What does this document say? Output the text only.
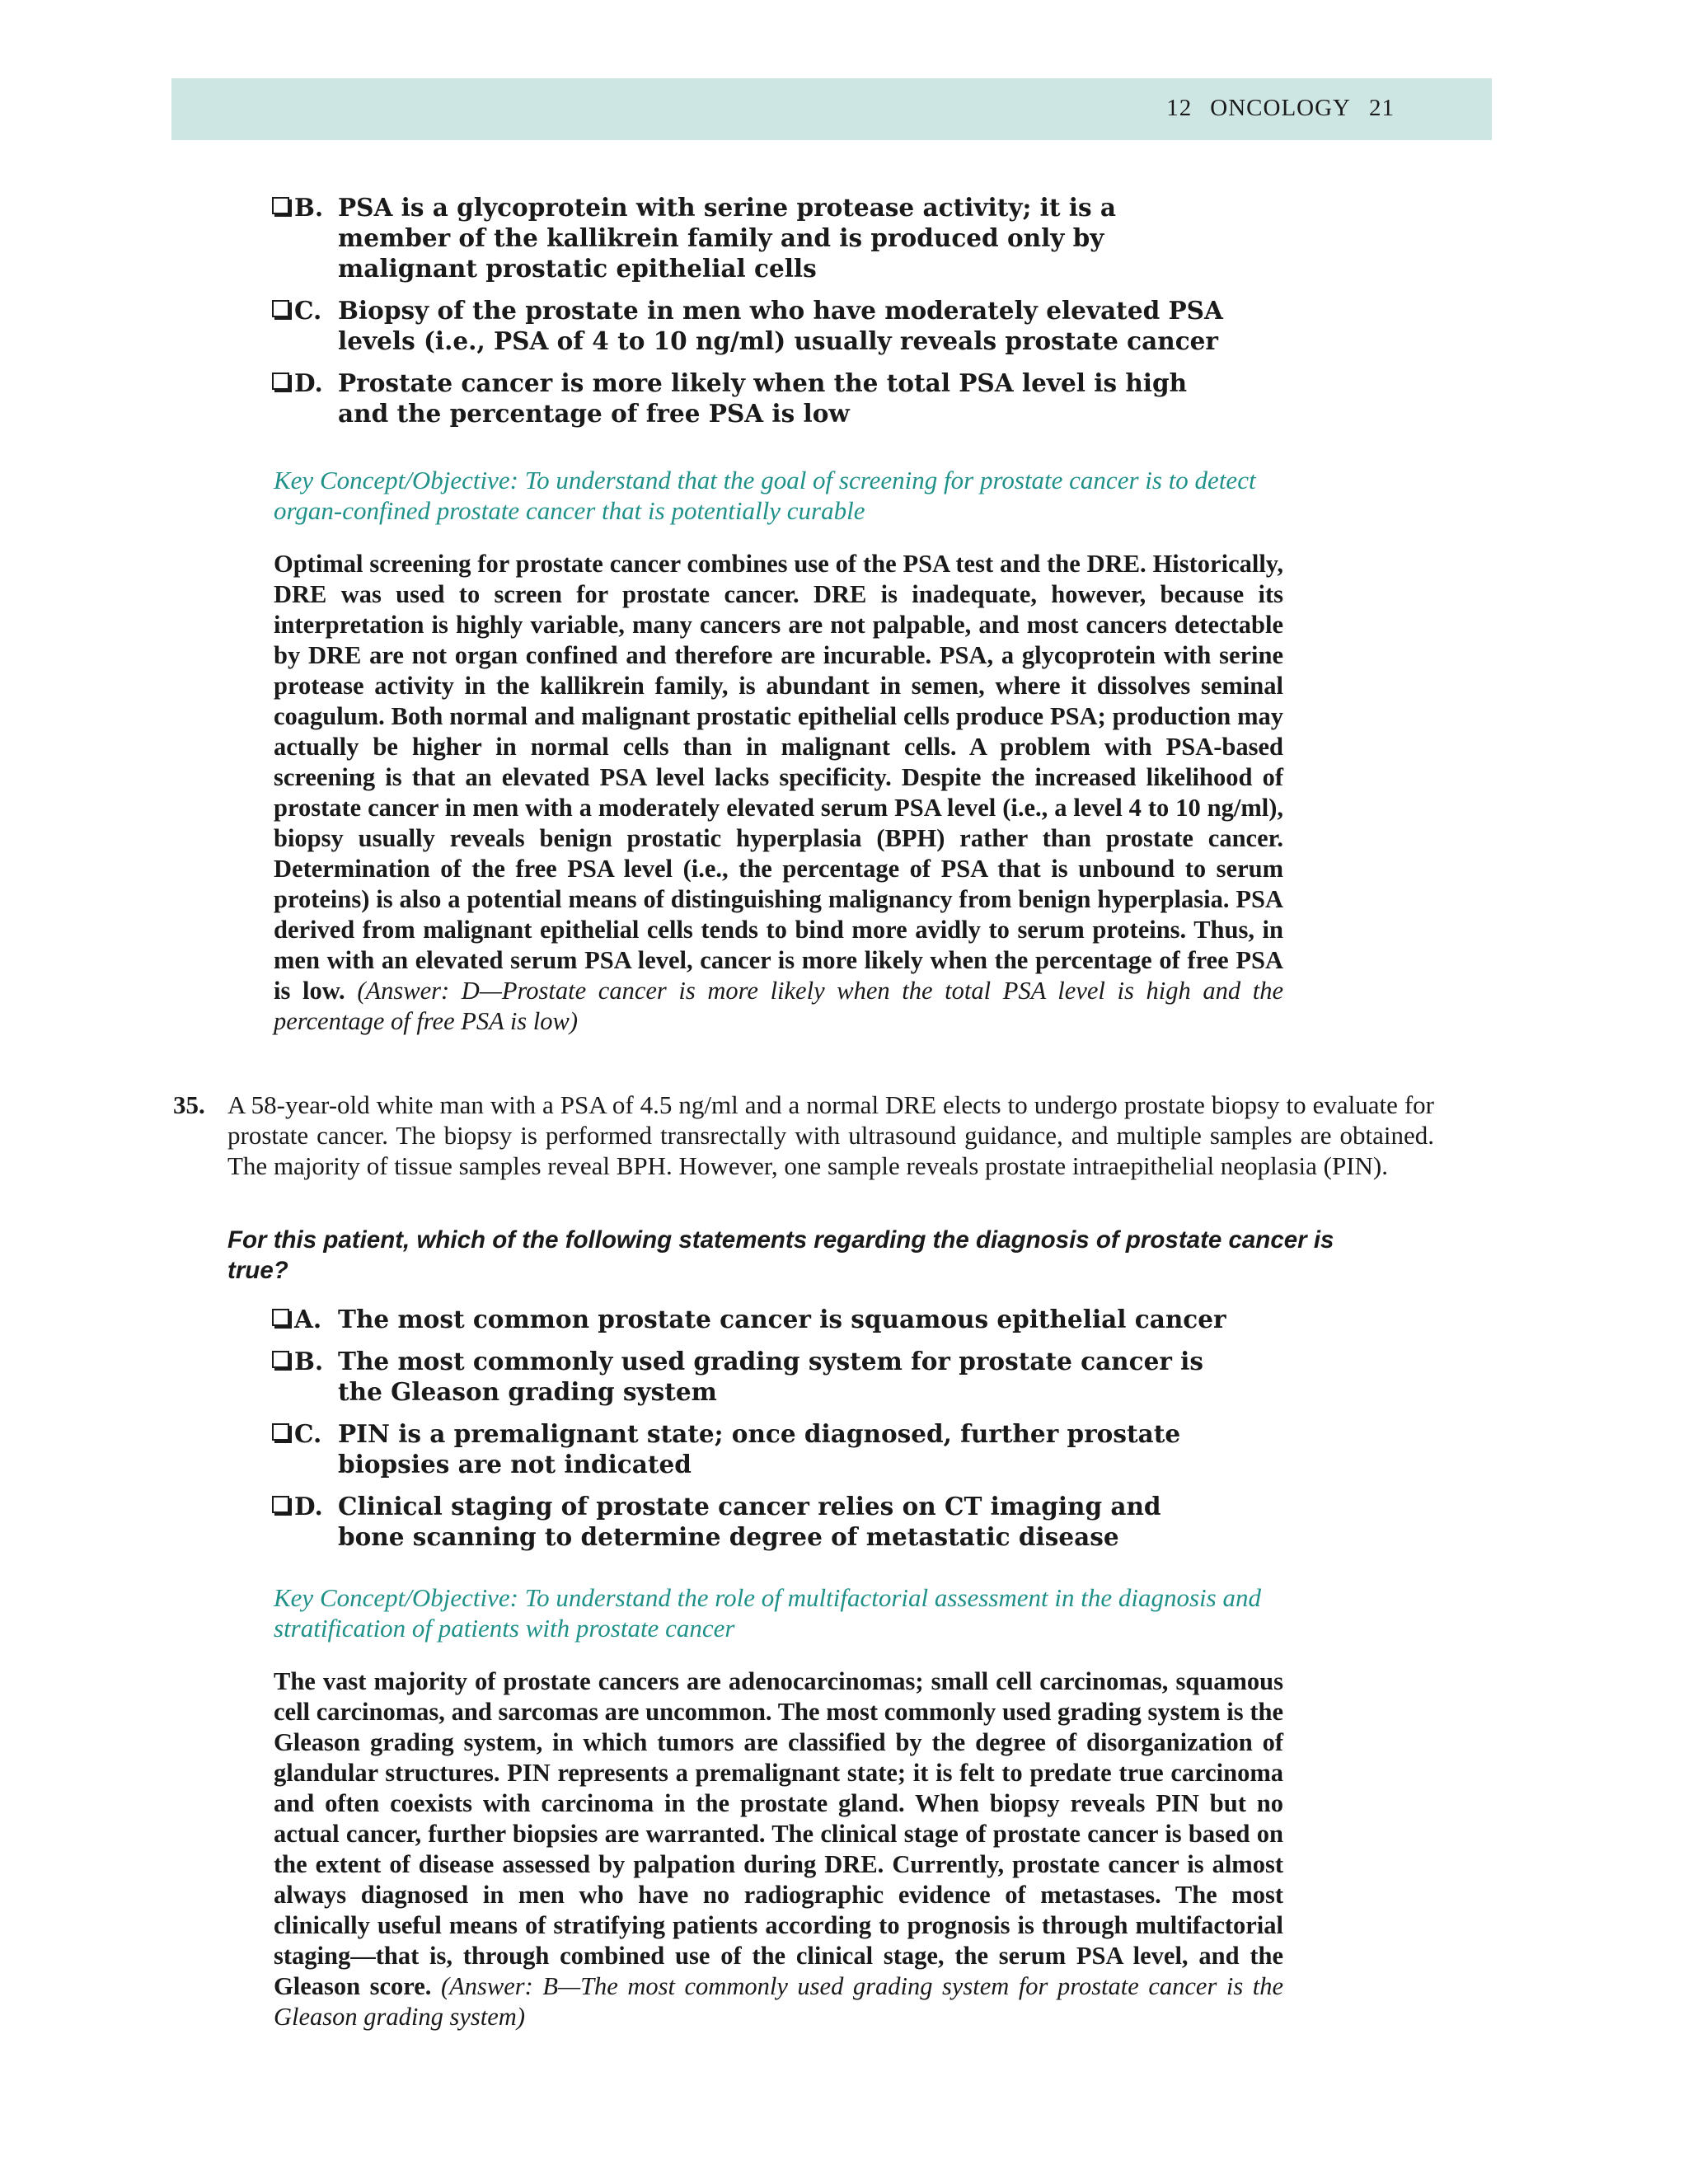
12 ONCOLOGY 21
B. PSA is a glycoprotein with serine protease activity; it is a member of the kallikrein family and is produced only by malignant prostatic epithelial cells
C. Biopsy of the prostate in men who have moderately elevated PSA levels (i.e., PSA of 4 to 10 ng/ml) usually reveals prostate cancer
D. Prostate cancer is more likely when the total PSA level is high and the percentage of free PSA is low
Key Concept/Objective: To understand that the goal of screening for prostate cancer is to detect organ-confined prostate cancer that is potentially curable
Optimal screening for prostate cancer combines use of the PSA test and the DRE. Historically, DRE was used to screen for prostate cancer. DRE is inadequate, however, because its interpretation is highly variable, many cancers are not palpable, and most cancers detectable by DRE are not organ confined and therefore are incurable. PSA, a glycoprotein with serine protease activity in the kallikrein family, is abundant in semen, where it dissolves seminal coagulum. Both normal and malignant prostatic epithelial cells produce PSA; production may actually be higher in normal cells than in malignant cells. A problem with PSA-based screening is that an elevated PSA level lacks specificity. Despite the increased likelihood of prostate cancer in men with a moderately elevated serum PSA level (i.e., a level 4 to 10 ng/ml), biopsy usually reveals benign prostatic hyperplasia (BPH) rather than prostate cancer. Determination of the free PSA level (i.e., the percentage of PSA that is unbound to serum proteins) is also a potential means of distinguishing malignancy from benign hyperplasia. PSA derived from malignant epithelial cells tends to bind more avidly to serum proteins. Thus, in men with an elevated serum PSA level, cancer is more likely when the percentage of free PSA is low. (Answer: D—Prostate cancer is more likely when the total PSA level is high and the percentage of free PSA is low)
35. A 58-year-old white man with a PSA of 4.5 ng/ml and a normal DRE elects to undergo prostate biopsy to evaluate for prostate cancer. The biopsy is performed transrectally with ultrasound guidance, and multiple samples are obtained. The majority of tissue samples reveal BPH. However, one sample reveals prostate intraepithelial neoplasia (PIN).
For this patient, which of the following statements regarding the diagnosis of prostate cancer is true?
A. The most common prostate cancer is squamous epithelial cancer
B. The most commonly used grading system for prostate cancer is the Gleason grading system
C. PIN is a premalignant state; once diagnosed, further prostate biopsies are not indicated
D. Clinical staging of prostate cancer relies on CT imaging and bone scanning to determine degree of metastatic disease
Key Concept/Objective: To understand the role of multifactorial assessment in the diagnosis and stratification of patients with prostate cancer
The vast majority of prostate cancers are adenocarcinomas; small cell carcinomas, squamous cell carcinomas, and sarcomas are uncommon. The most commonly used grading system is the Gleason grading system, in which tumors are classified by the degree of disorganization of glandular structures. PIN represents a premalignant state; it is felt to predate true carcinoma and often coexists with carcinoma in the prostate gland. When biopsy reveals PIN but no actual cancer, further biopsies are warranted. The clinical stage of prostate cancer is based on the extent of disease assessed by palpation during DRE. Currently, prostate cancer is almost always diagnosed in men who have no radiographic evidence of metastases. The most clinically useful means of stratifying patients according to prognosis is through multifactorial staging—that is, through combined use of the clinical stage, the serum PSA level, and the Gleason score. (Answer: B—The most commonly used grading system for prostate cancer is the Gleason grading system)
